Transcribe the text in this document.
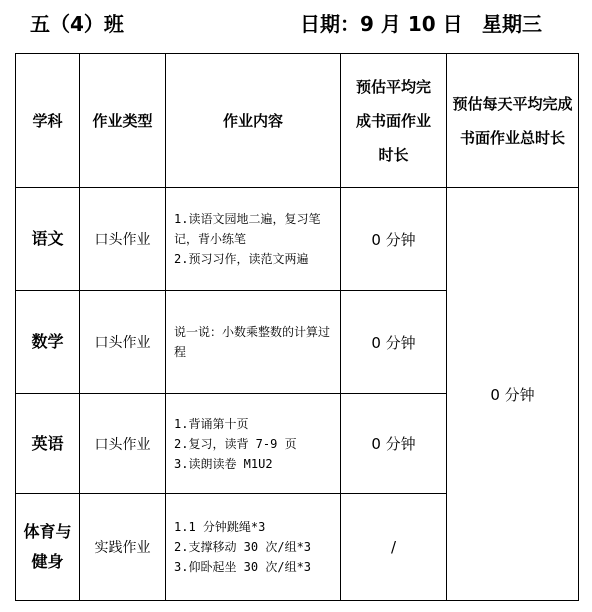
五（4）班	日期：9 月 10 日 星期三
学科	作业类型	作业内容	预估平均完成书面作业时长	预估每天平均完成书面作业总时长
语文	口头作业	1.读语文园地二遍，复习笔记，背小练笔
2.预习习作，读范文两遍	0 分钟	0 分钟
数学	口头作业	说一说：小数乘整数的计算过程	0 分钟	
英语	口头作业	1.背诵第十页
2.复习，读背 7-9 页
3.读朗读卷 M1U2	0 分钟	
体育与健身	实践作业	1.1 分钟跳绳*3
2.支撑移动 30 次/组*3
3.仰卧起坐 30 次/组*3	/	
